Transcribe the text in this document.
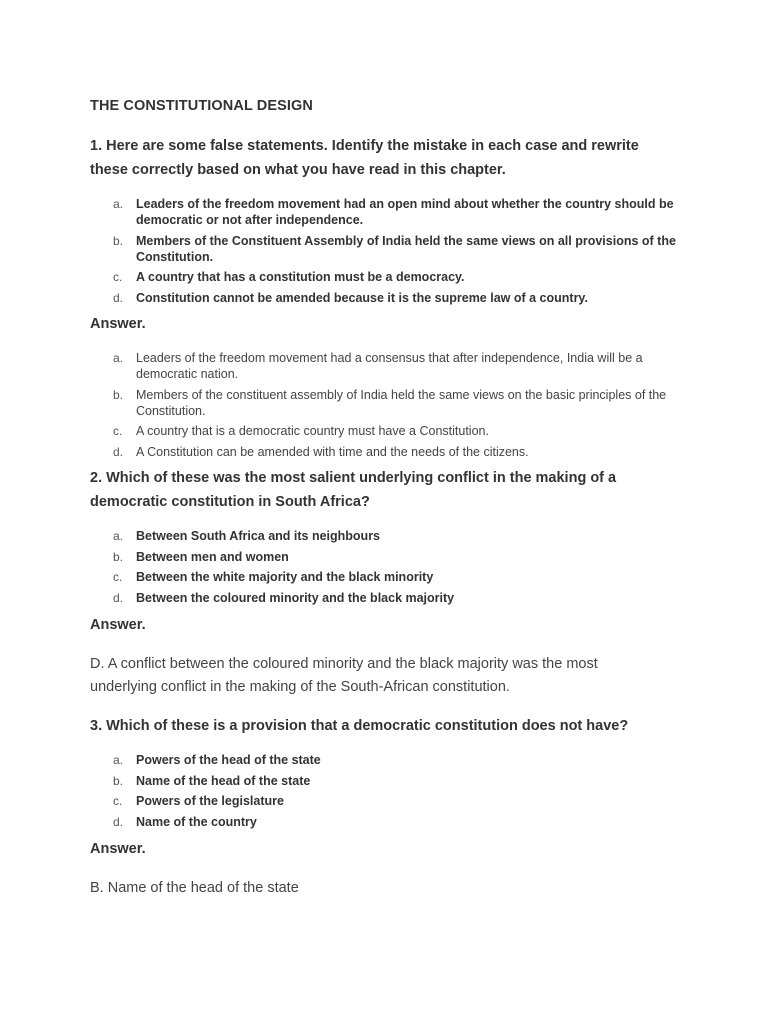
THE CONSTITUTIONAL DESIGN

1. Here are some false statements. Identify the mistake in each case and rewrite these correctly based on what you have read in this chapter.

a. Leaders of the freedom movement had an open mind about whether the country should be democratic or not after independence.
b. Members of the Constituent Assembly of India held the same views on all provisions of the Constitution.
c. A country that has a constitution must be a democracy.
d. Constitution cannot be amended because it is the supreme law of a country.

Answer.

a. Leaders of the freedom movement had a consensus that after independence, India will be a democratic nation.
b. Members of the constituent assembly of India held the same views on the basic principles of the Constitution.
c. A country that is a democratic country must have a Constitution.
d. A Constitution can be amended with time and the needs of the citizens.

2. Which of these was the most salient underlying conflict in the making of a democratic constitution in South Africa?

a. Between South Africa and its neighbours
b. Between men and women
c. Between the white majority and the black minority
d. Between the coloured minority and the black majority

Answer.

D. A conflict between the coloured minority and the black majority was the most underlying conflict in the making of the South-African constitution.

3. Which of these is a provision that a democratic constitution does not have?

a. Powers of the head of the state
b. Name of the head of the state
c. Powers of the legislature
d. Name of the country

Answer.

B. Name of the head of the state
